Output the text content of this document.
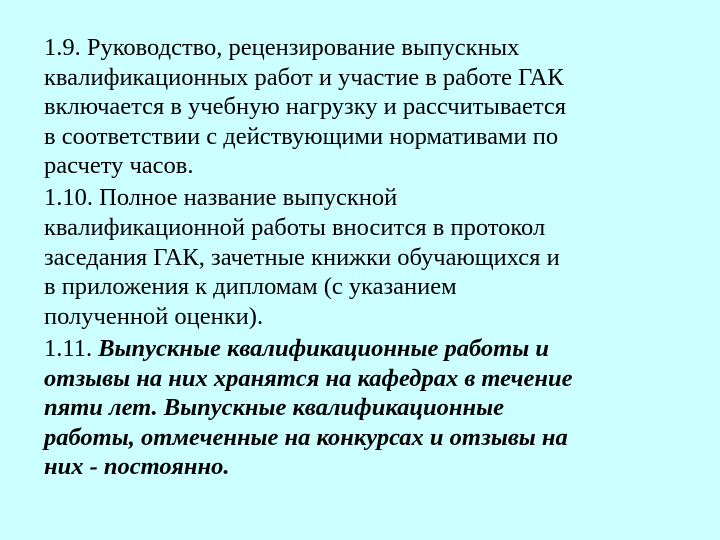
1.9. Руководство, рецензирование выпускных
квалификационных работ и участие в работе ГАК
включается в учебную нагрузку и рассчитывается
в соответствии с действующими нормативами по
расчету часов.
1.10. Полное название выпускной
квалификационной работы вносится в протокол
заседания ГАК, зачетные книжки обучающихся и
в приложения к дипломам (с указанием
полученной оценки).
1.11. Выпускные квалификационные работы и
отзывы на них хранятся на кафедрах в течение
пяти лет. Выпускные квалификационные
работы, отмеченные на конкурсах и отзывы на
них - постоянно.
